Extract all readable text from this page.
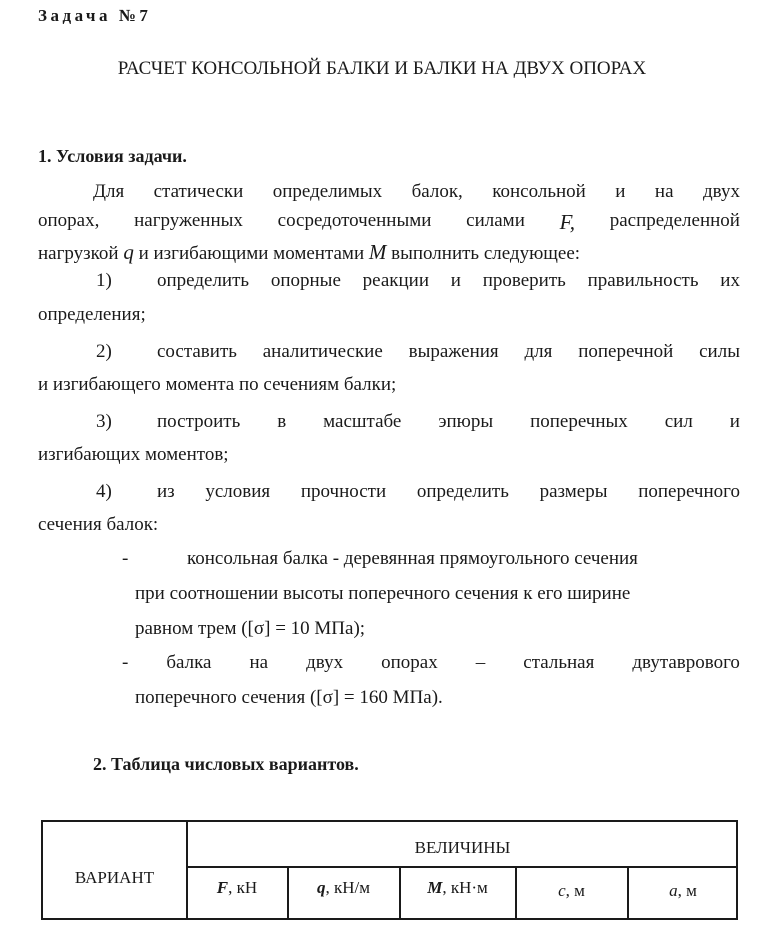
Задача №7
РАСЧЕТ КОНСОЛЬНОЙ БАЛКИ И БАЛКИ НА ДВУХ ОПОРАХ
1. Условия задачи.
Для статически определимых балок, консольной и на двух
опорах, нагруженных сосредоточенными силами F, распределенной
нагрузкой q и изгибающими моментами M выполнить следующее:
1) определить опорные реакции и проверить правильность их
определения;
2) составить аналитические выражения для поперечной силы
и изгибающего момента по сечениям балки;
3) построить в масштабе эпюры поперечных сил и
изгибающих моментов;
4) из условия прочности определить размеры поперечного
сечения балок:
-	консольная балка - деревянная прямоугольного сечения
при соотношении высоты поперечного сечения к его ширине
равном трем ([σ] = 10 МПа);
- балка на двух опорах – стальная двутаврового
поперечного сечения ([σ] = 160 МПа).
2. Таблица числовых вариантов.
ВАРИАНТ
ВЕЛИЧИНЫ
F, кН	q, кН/м	M, кН·м	c, м	a, м
